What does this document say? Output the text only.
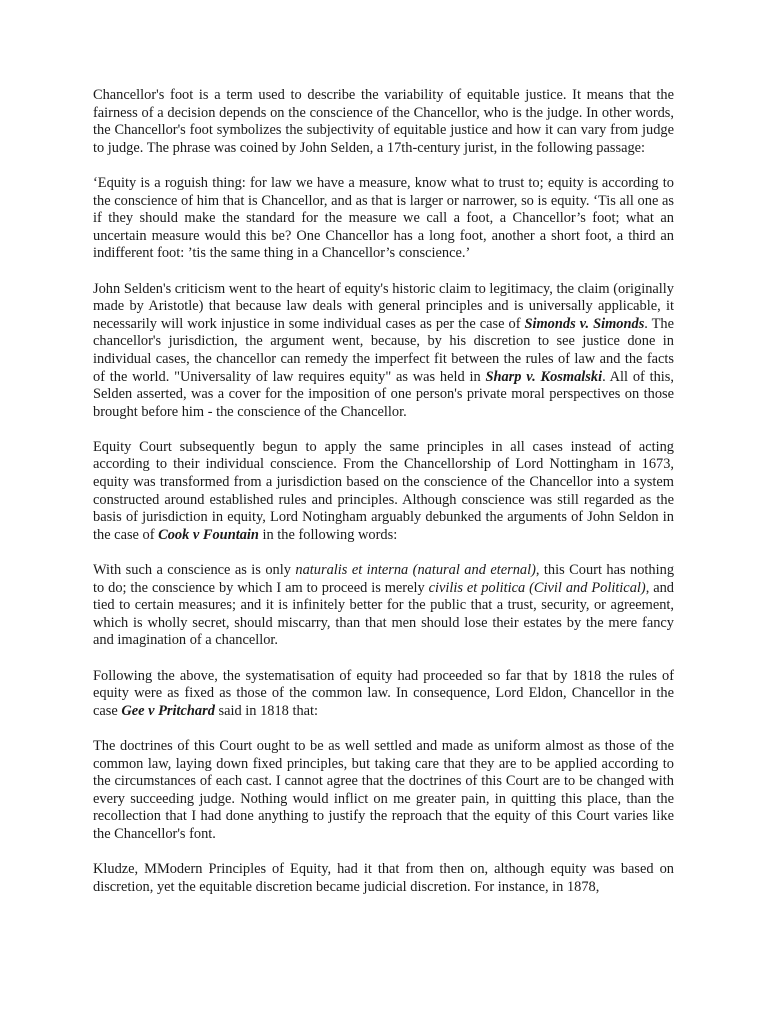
Chancellor's foot is a term used to describe the variability of equitable justice. It means that the fairness of a decision depends on the conscience of the Chancellor, who is the judge. In other words, the Chancellor's foot symbolizes the subjectivity of equitable justice and how it can vary from judge to judge. The phrase was coined by John Selden, a 17th-century jurist, in the following passage:

‘Equity is a roguish thing: for law we have a measure, know what to trust to; equity is according to the conscience of him that is Chancellor, and as that is larger or narrower, so is equity. ‘Tis all one as if they should make the standard for the measure we call a foot, a Chancellor’s foot; what an uncertain measure would this be? One Chancellor has a long foot, another a short foot, a third an indifferent foot: ’tis the same thing in a Chancellor’s conscience.’

John Selden's criticism went to the heart of equity's historic claim to legitimacy, the claim (originally made by Aristotle) that because law deals with general principles and is universally applicable, it necessarily will work injustice in some individual cases as per the case of Simonds v. Simonds. The chancellor's jurisdiction, the argument went, because, by his discretion to see justice done in individual cases, the chancellor can remedy the imperfect fit between the rules of law and the facts of the world. "Universality of law requires equity" as was held in Sharp v. Kosmalski. All of this, Selden asserted, was a cover for the imposition of one person's private moral perspectives on those brought before him - the conscience of the Chancellor.

Equity Court subsequently begun to apply the same principles in all cases instead of acting according to their individual conscience. From the Chancellorship of Lord Nottingham in 1673, equity was transformed from a jurisdiction based on the conscience of the Chancellor into a system constructed around established rules and principles. Although conscience was still regarded as the basis of jurisdiction in equity, Lord Notingham arguably debunked the arguments of John Seldon in the case of Cook v Fountain in the following words:

With such a conscience as is only naturalis et interna (natural and eternal), this Court has nothing to do; the conscience by which I am to proceed is merely civilis et politica (Civil and Political), and tied to certain measures; and it is infinitely better for the public that a trust, security, or agreement, which is wholly secret, should miscarry, than that men should lose their estates by the mere fancy and imagination of a chancellor.

Following the above, the systematisation of equity had proceeded so far that by 1818 the rules of equity were as fixed as those of the common law. In consequence, Lord Eldon, Chancellor in the case Gee v Pritchard said in 1818 that:

The doctrines of this Court ought to be as well settled and made as uniform almost as those of the common law, laying down fixed principles, but taking care that they are to be applied according to the circumstances of each cast. I cannot agree that the doctrines of this Court are to be changed with every succeeding judge. Nothing would inflict on me greater pain, in quitting this place, than the recollection that I had done anything to justify the reproach that the equity of this Court varies like the Chancellor's font.

Kludze, MModern Principles of Equity, had it that from then on, although equity was based on discretion, yet the equitable discretion became judicial discretion. For instance, in 1878,
